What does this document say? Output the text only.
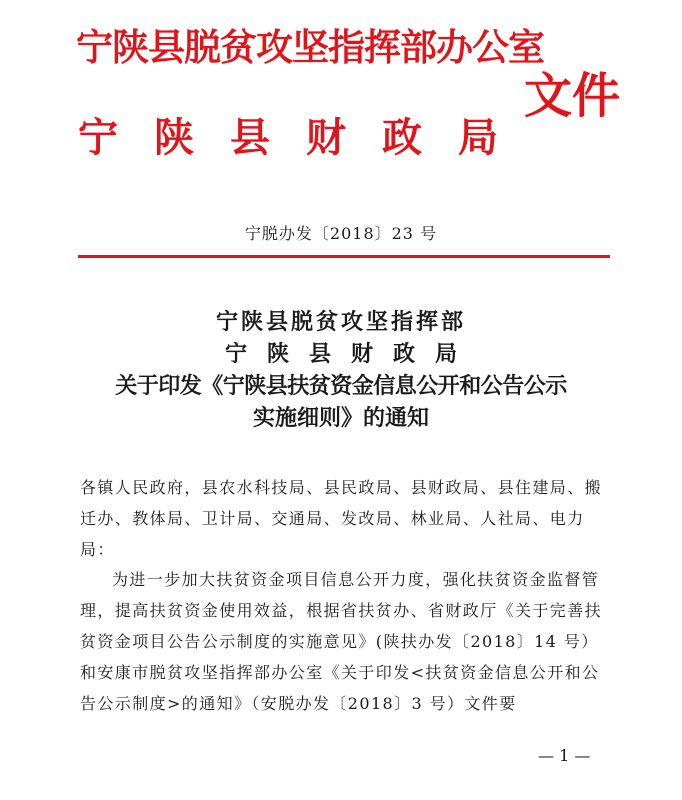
宁陕县脱贫攻坚指挥部办公室
宁 陕 县 财 政 局
文件
宁脱办发〔2018〕23 号
宁陕县脱贫攻坚指挥部
宁 陕 县 财 政 局
关于印发《宁陕县扶贫资金信息公开和公告公示
实施细则》的通知
各镇人民政府，县农水科技局、县民政局、县财政局、县住建局、搬迁办、教体局、卫计局、交通局、发改局、林业局、人社局、电力局：
为进一步加大扶贫资金项目信息公开力度，强化扶贫资金监督管理，提高扶贫资金使用效益，根据省扶贫办、省财政厅《关于完善扶贫资金项目公告公示制度的实施意见》(陕扶办发〔2018〕14 号）和安康市脱贫攻坚指挥部办公室《关于印发<扶贫资金信息公开和公告公示制度>的通知》（安脱办发〔2018〕3 号）文件要
— 1 —
